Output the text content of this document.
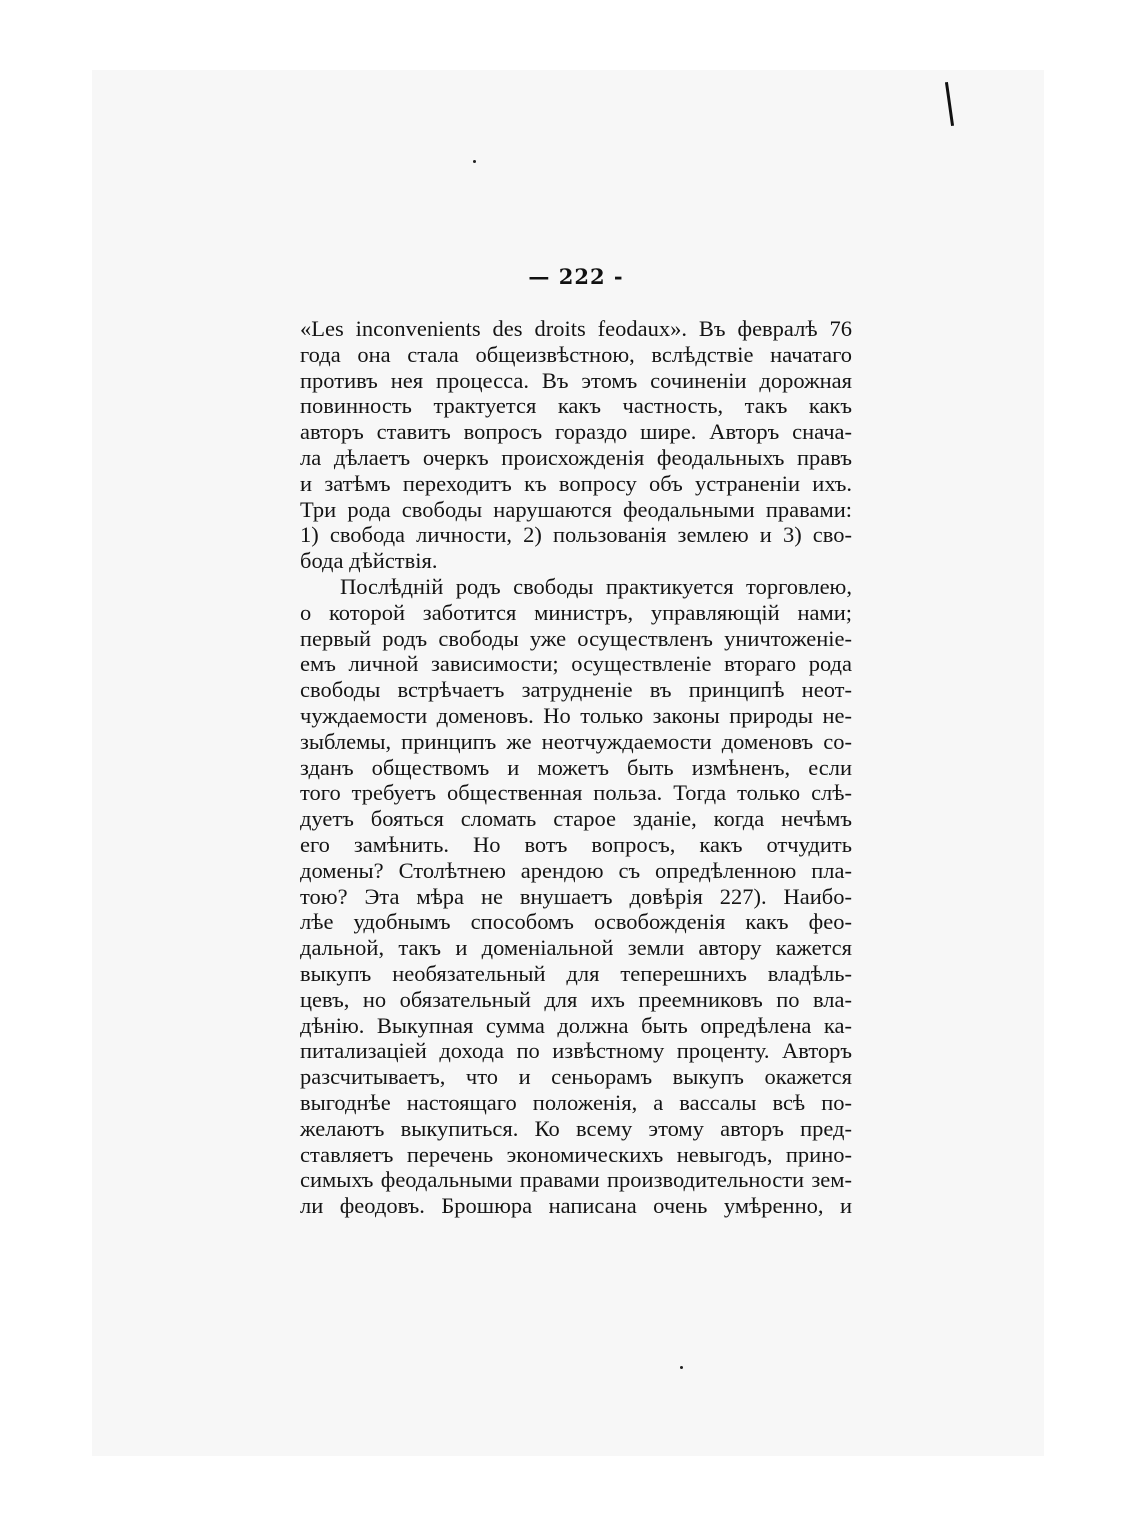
— 222 -
«Les inconvenients des droits feodaux». Въ февралѣ 76
года она стала общеизвѣстною, вслѣдствіе начатаго
противъ нея процесса. Въ этомъ сочиненіи дорожная
повинность трактуется какъ частность, такъ какъ
авторъ ставитъ вопросъ гораздо шире. Авторъ снача-
ла дѣлаетъ очеркъ происхожденія феодальныхъ правъ
и затѣмъ переходитъ къ вопросу объ устраненіи ихъ.
Три рода свободы нарушаются феодальными правами:
1) свобода личности, 2) пользованія землею и 3) сво-
бода дѣйствія.
Послѣдній родъ свободы практикуется торговлею,
о которой заботится министръ, управляющій нами;
первый родъ свободы уже осуществленъ уничтоженіе-
емъ личной зависимости; осуществленіе втораго рода
свободы встрѣчаетъ затрудненіе въ принципѣ неот-
чуждаемости доменовъ. Но только законы природы не-
зыблемы, принципъ же неотчуждаемости доменовъ со-
зданъ обществомъ и можетъ быть измѣненъ, если
того требуетъ общественная польза. Тогда только слѣ-
дуетъ бояться сломать старое зданіе, когда нечѣмъ
его замѣнить. Но вотъ вопросъ, какъ отчудить
домены? Столѣтнею арендою съ опредѣленною пла-
тою? Эта мѣра не внушаетъ довѣрія 227). Наибо-
лѣе удобнымъ способомъ освобожденія какъ фео-
дальной, такъ и доменіальной земли автору кажется
выкупъ необязательный для теперешнихъ владѣль-
цевъ, но обязательный для ихъ преемниковъ по вла-
дѣнію. Выкупная сумма должна быть опредѣлена ка-
питализаціей дохода по извѣстному проценту. Авторъ
разсчитываетъ, что и сеньорамъ выкупъ окажется
выгоднѣе настоящаго положенія, а вассалы всѣ по-
желаютъ выкупиться. Ко всему этому авторъ пред-
ставляетъ перечень экономическихъ невыгодъ, прино-
симыхъ феодальными правами производительности зем-
ли феодовъ. Брошюра написана очень умѣренно, и
